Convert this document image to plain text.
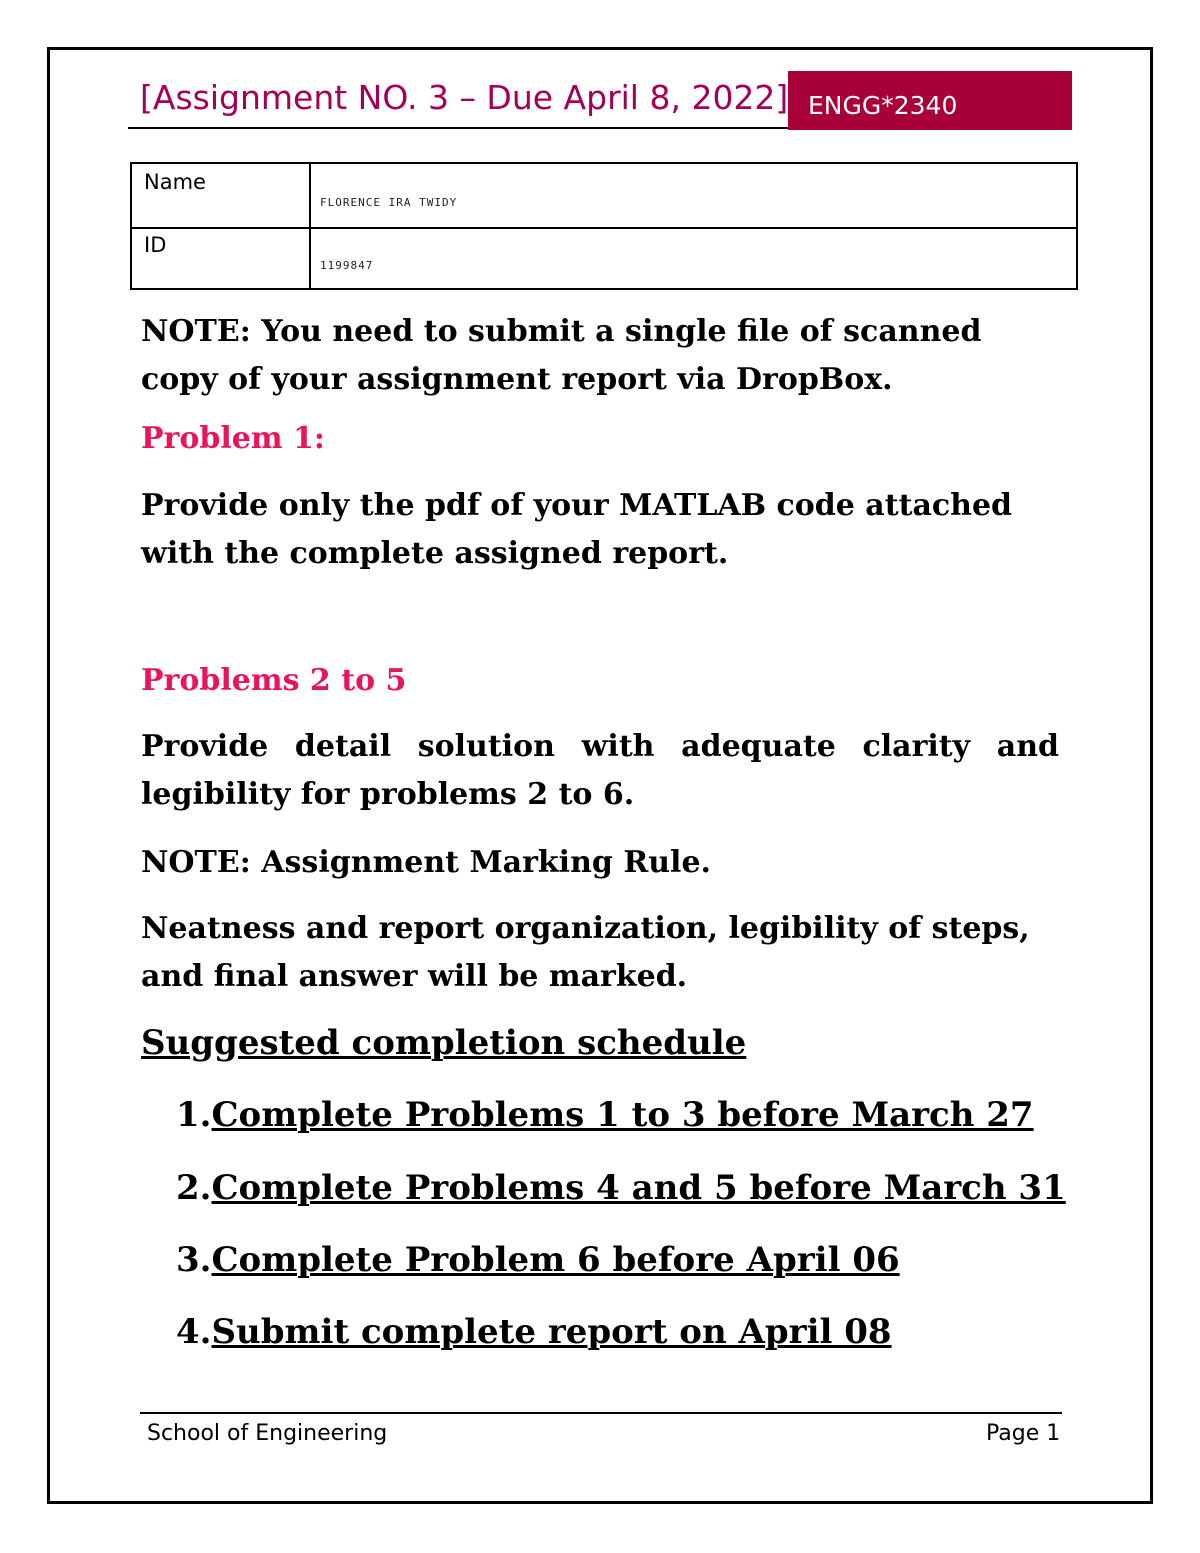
[Assignment NO. 3 – Due April 8, 2022] ENGG*2340
Name
FLORENCE IRA TWIDY
ID
1199847

NOTE: You need to submit a single file of scanned copy of your assignment report via DropBox.

Problem 1:

Provide only the pdf of your MATLAB code attached with the complete assigned report.

Problems 2 to 5

Provide detail solution with adequate clarity and legibility for problems 2 to 6.

NOTE: Assignment Marking Rule.

Neatness and report organization, legibility of steps, and final answer will be marked.

Suggested completion schedule
1.Complete Problems 1 to 3 before March 27
2.Complete Problems 4 and 5 before March 31
3.Complete Problem 6 before April 06
4.Submit complete report on April 08
School of Engineering	Page 1
